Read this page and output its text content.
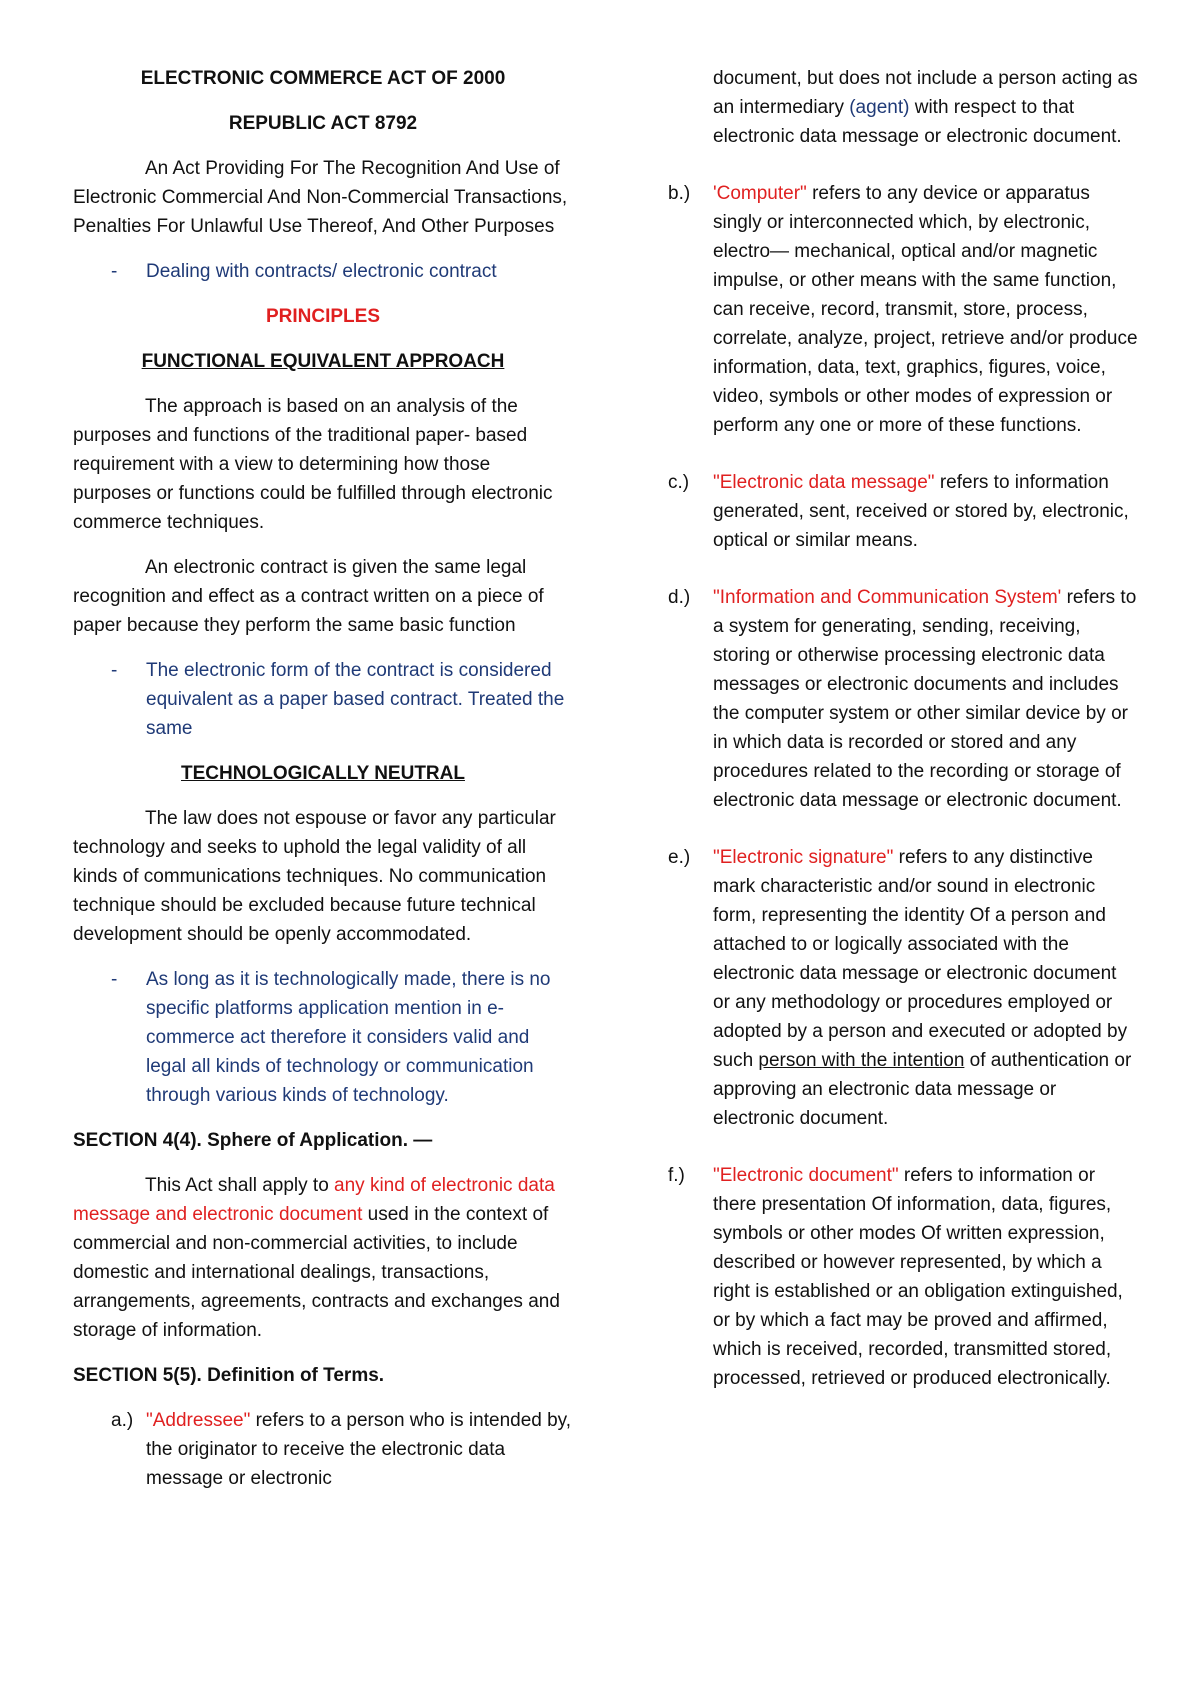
ELECTRONIC COMMERCE ACT OF 2000

REPUBLIC ACT 8792

An Act Providing For The Recognition And Use of Electronic Commercial And Non-Commercial Transactions, Penalties For Unlawful Use Thereof, And Other Purposes

- Dealing with contracts/ electronic contract

PRINCIPLES

FUNCTIONAL EQUIVALENT APPROACH

The approach is based on an analysis of the purposes and functions of the traditional paper- based requirement with a view to determining how those purposes or functions could be fulfilled through electronic commerce techniques.

An electronic contract is given the same legal recognition and effect as a contract written on a piece of paper because they perform the same basic function

- The electronic form of the contract is considered equivalent as a paper based contract. Treated the same

TECHNOLOGICALLY NEUTRAL

The law does not espouse or favor any particular technology and seeks to uphold the legal validity of all kinds of communications techniques. No communication technique should be excluded because future technical development should be openly accommodated.

- As long as it is technologically made, there is no specific platforms application mention in e-commerce act therefore it considers valid and legal all kinds of technology or communication through various kinds of technology.

SECTION 4(4). Sphere of Application. —

This Act shall apply to any kind of electronic data message and electronic document used in the context of commercial and non-commercial activities, to include domestic and international dealings, transactions, arrangements, agreements, contracts and exchanges and storage of information.

SECTION 5(5). Definition of Terms.

a.) "Addressee" refers to a person who is intended by, the originator to receive the electronic data message or electronic

document, but does not include a person acting as an intermediary (agent) with respect to that electronic data message or electronic document.

b.) 'Computer" refers to any device or apparatus singly or interconnected which, by electronic, electro— mechanical, optical and/or magnetic impulse, or other means with the same function, can receive, record, transmit, store, process, correlate, analyze, project, retrieve and/or produce information, data, text, graphics, figures, voice, video, symbols or other modes of expression or perform any one or more of these functions.
c.) "Electronic data message" refers to information generated, sent, received or stored by, electronic, optical or similar means.
d.) "Information and Communication System' refers to a system for generating, sending, receiving, storing or otherwise processing electronic data messages or electronic documents and includes the computer system or other similar device by or in which data is recorded or stored and any procedures related to the recording or storage of electronic data message or electronic document.
e.) "Electronic signature" refers to any distinctive mark characteristic and/or sound in electronic form, representing the identity Of a person and attached to or logically associated with the electronic data message or electronic document or any methodology or procedures employed or adopted by a person and executed or adopted by such person with the intention of authentication or approving an electronic data message or electronic document.
f.) "Electronic document" refers to information or there presentation Of information, data, figures, symbols or other modes Of written expression, described or however represented, by which a right is established or an obligation extinguished, or by which a fact may be proved and affirmed, which is received, recorded, transmitted stored, processed, retrieved or produced electronically.
